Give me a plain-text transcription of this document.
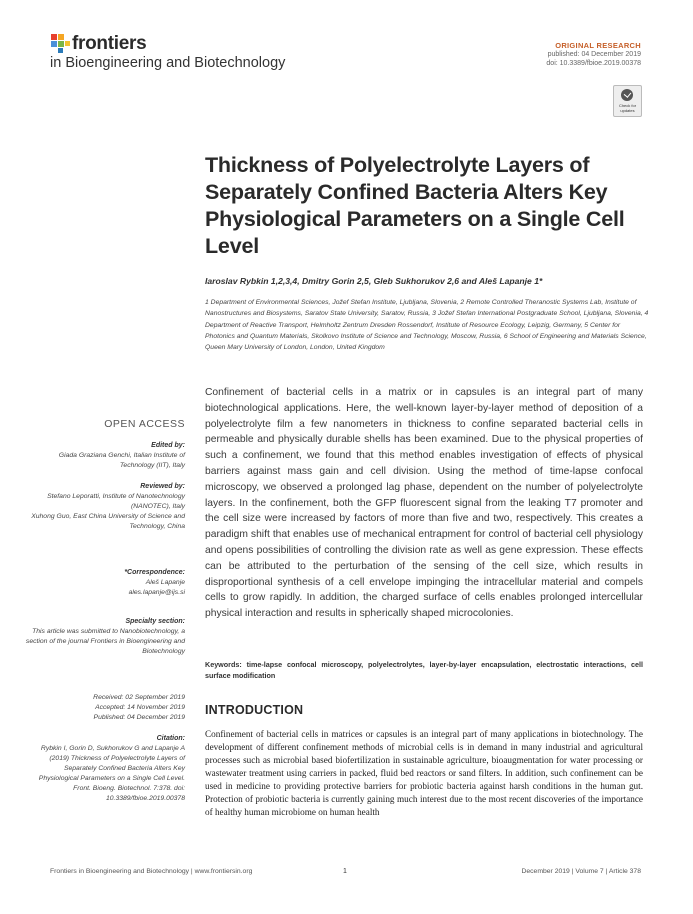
frontiers
in Bioengineering and Biotechnology
ORIGINAL RESEARCH
published: 04 December 2019
doi: 10.3389/fbioe.2019.00378
Check for updates
Thickness of Polyelectrolyte Layers of Separately Confined Bacteria Alters Key Physiological Parameters on a Single Cell Level
Iaroslav Rybkin 1,2,3,4, Dmitry Gorin 2,5, Gleb Sukhorukov 2,6 and Aleš Lapanje 1*
1 Department of Environmental Sciences, Jožef Stefan Institute, Ljubljana, Slovenia, 2 Remote Controlled Theranostic Systems Lab, Institute of Nanostructures and Biosystems, Saratov State University, Saratov, Russia, 3 Jožef Stefan International Postgraduate School, Ljubljana, Slovenia, 4 Department of Reactive Transport, Helmholtz Zentrum Dresden Rossendorf, Institute of Resource Ecology, Leipzig, Germany, 5 Center for Photonics and Quantum Materials, Skolkovo Institute of Science and Technology, Moscow, Russia, 6 School of Engineering and Materials Science, Queen Mary University of London, London, United Kingdom
OPEN ACCESS
Edited by:
Giada Graziana Genchi, Italian Institute of Technology (IIT), Italy
Reviewed by:
Stefano Leporatti, Institute of Nanotechnology (NANOTEC), Italy
Xuhong Guo, East China University of Science and Technology, China
*Correspondence:
Aleš Lapanje
ales.lapanje@ijs.si
Specialty section:
This article was submitted to Nanobiotechnology, a section of the journal Frontiers in Bioengineering and Biotechnology
Received: 02 September 2019
Accepted: 14 November 2019
Published: 04 December 2019
Citation:
Rybkin I, Gorin D, Sukhorukov G and Lapanje A (2019) Thickness of Polyelectrolyte Layers of Separately Confined Bacteria Alters Key Physiological Parameters on a Single Cell Level. Front. Bioeng. Biotechnol. 7:378. doi: 10.3389/fbioe.2019.00378
Confinement of bacterial cells in a matrix or in capsules is an integral part of many biotechnological applications. Here, the well-known layer-by-layer method of deposition of a polyelectrolyte film a few nanometers in thickness to confine separated bacterial cells in permeable and physically durable shells has been examined. Due to the physical properties of such a confinement, we found that this method enables investigation of effects of physical barriers against mass gain and cell division. Using the method of time-lapse confocal microscopy, we observed a prolonged lag phase, dependent on the number of polyelectrolyte layers. In the confinement, both the GFP fluorescent signal from the leaking T7 promoter and the cell size were increased by factors of more than five and two, respectively. This creates a paradigm shift that enables use of mechanical entrapment for control of bacterial cell physiology and opens possibilities of controlling the division rate as well as gene expression. These effects can be attributed to the perturbation of the sensing of the cell size, which results in disproportional synthesis of a cell envelope impinging the intracellular material and compels cells to grow rapidly. In addition, the charged surface of cells enables prolonged intercellular physical interaction and results in spherically shaped microcolonies.
Keywords: time-lapse confocal microscopy, polyelectrolytes, layer-by-layer encapsulation, electrostatic interactions, cell surface modification
INTRODUCTION
Confinement of bacterial cells in matrices or capsules is an integral part of many applications in biotechnology. The development of different confinement methods of microbial cells is in demand in many industrial and agricultural processes such as microbial based biofertilization in sustainable agriculture, bioaugmentation for water processing or wastewater treatment using carriers in packed, fluid bed reactors or sand filters. In addition, such confinement can be used in medicine to providing protective barriers for probiotic bacteria against harsh conditions in the human gut. Protection of probiotic bacteria is currently gaining much interest due to the most recent discoveries of the importance of healthy human microbiome on human health
Frontiers in Bioengineering and Biotechnology | www.frontiersin.org	1	December 2019 | Volume 7 | Article 378
